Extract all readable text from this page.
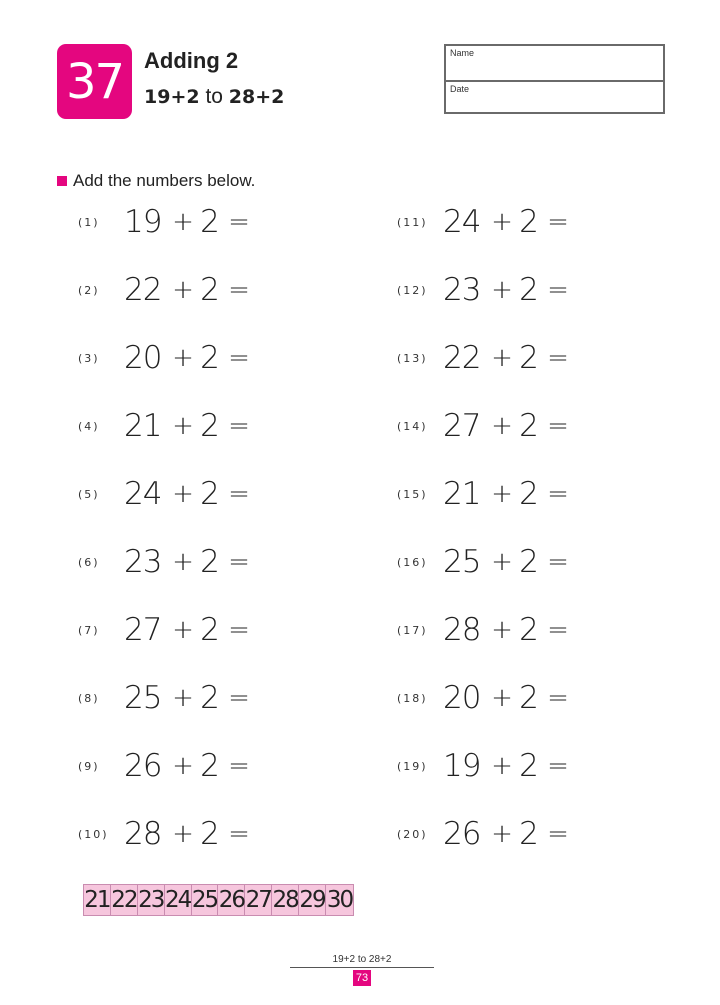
37 Adding 2
19+2 to 28+2
Name
Date
Add the numbers below.
(1) 19 + 2 =
(2) 22 + 2 =
(3) 20 + 2 =
(4) 21 + 2 =
(5) 24 + 2 =
(6) 23 + 2 =
(7) 27 + 2 =
(8) 25 + 2 =
(9) 26 + 2 =
(10) 28 + 2 =
(11) 24 + 2 =
(12) 23 + 2 =
(13) 22 + 2 =
(14) 27 + 2 =
(15) 21 + 2 =
(16) 25 + 2 =
(17) 28 + 2 =
(18) 20 + 2 =
(19) 19 + 2 =
(20) 26 + 2 =
21 22 23 24 25 26 27 28 29 30
19+2 to 28+2
73
